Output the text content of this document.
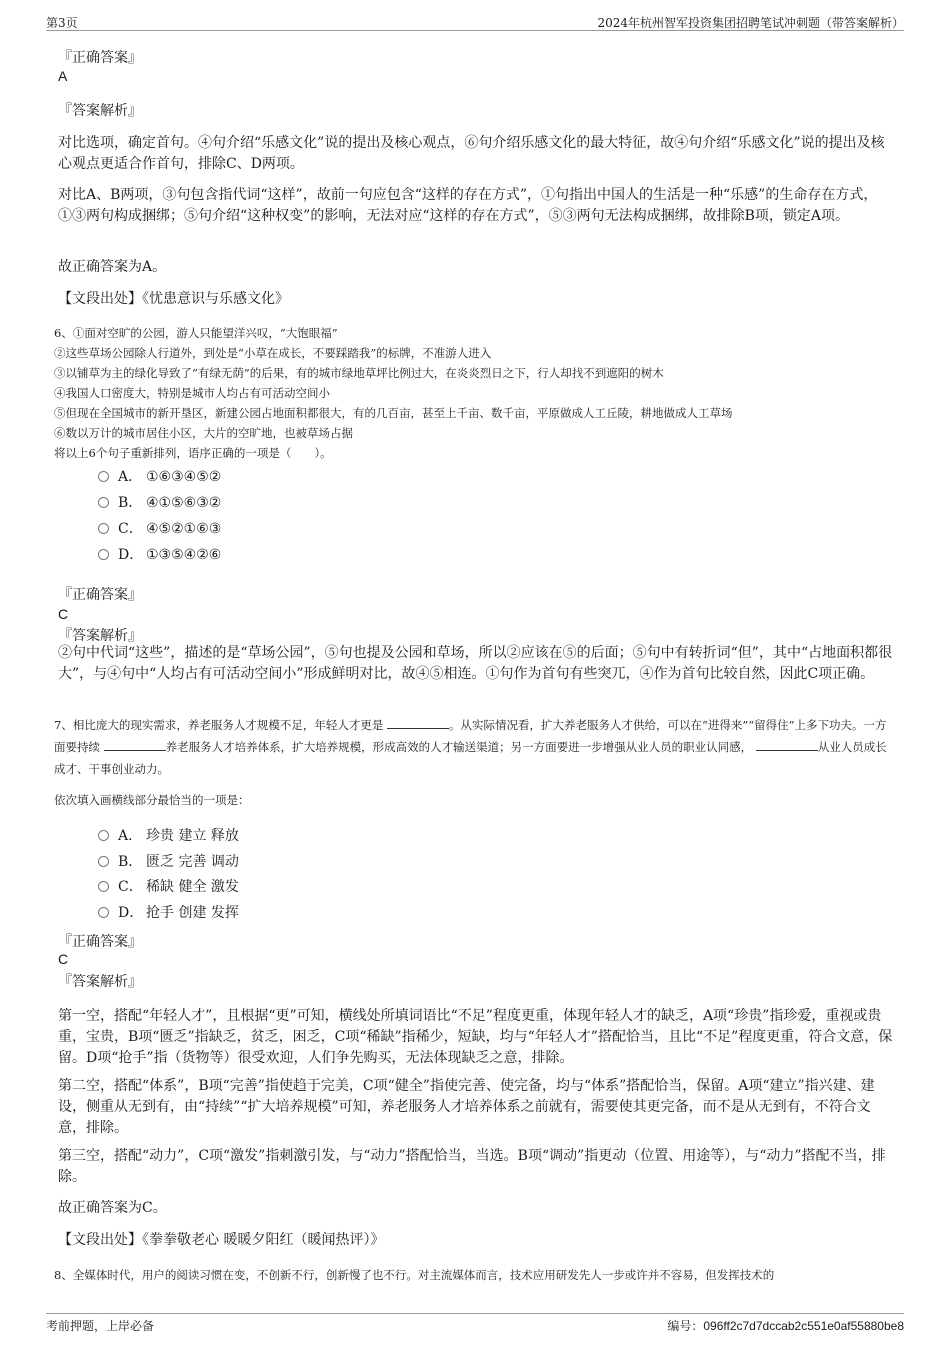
第3页	2024年杭州智军投资集团招聘笔试冲刺题（带答案解析）
『正确答案』
A
『答案解析』
对比选项，确定首句。④句介绍“乐感文化”说的提出及核心观点，⑥句介绍乐感文化的最大特征，故④句介绍“乐感文化”说的提出及核心观点更适合作首句，排除C、D两项。
对比A、B两项，③句包含指代词“这样”，故前一句应包含“这样的存在方式”，①句指出中国人的生活是一种“乐感”的生命存在方式，①③两句构成捆绑；⑤句介绍“这种权变”的影响，无法对应“这样的存在方式”，⑤③两句无法构成捆绑，故排除B项，锁定A项。
故正确答案为A。
【文段出处】《忧患意识与乐感文化》
6、①面对空旷的公园，游人只能望洋兴叹，“大饱眼福”
②这些草场公园除人行道外，到处是“小草在成长，不要踩踏我”的标牌，不准游人进入
③以铺草为主的绿化导致了“有绿无荫”的后果，有的城市绿地草坪比例过大，在炎炎烈日之下，行人却找不到遮阳的树木
④我国人口密度大，特别是城市人均占有可活动空间小
⑤但现在全国城市的新开垦区，新建公园占地面积都很大，有的几百亩，甚至上千亩、数千亩，平原做成人工丘陵，耕地做成人工草场
⑥数以万计的城市居住小区，大片的空旷地，也被草场占据
将以上6个句子重新排列，语序正确的一项是（　　）。
A． ①⑥③④⑤②
B． ④①⑤⑥③②
C． ④⑤②①⑥③
D． ①③⑤④②⑥
『正确答案』
C
『答案解析』
②句中代词“这些”，描述的是“草场公园”，⑤句也提及公园和草场，所以②应该在⑤的后面；⑤句中有转折词“但”，其中“占地面积都很大”，与④句中“人均占有可活动空间小”形成鲜明对比，故④⑤相连。①句作为首句有些突兀，④作为首句比较自然，因此C项正确。
7、相比庞大的现实需求，养老服务人才规模不足，年轻人才更是	。从实际情况看，扩大养老服务人才供给，可以在“进得来”“留得住”上多下功夫。一方面要持续	养老服务人才培养体系，扩大培养规模，形成高效的人才输送渠道；另一方面要进一步增强从业人员的职业认同感，	从业人员成长成才、干事创业动力。
依次填入画横线部分最恰当的一项是：
A． 珍贵 建立 释放
B． 匮乏 完善 调动
C． 稀缺 健全 激发
D． 抢手 创建 发挥
『正确答案』
C
『答案解析』
第一空，搭配“年轻人才”，且根据“更”可知，横线处所填词语比“不足”程度更重，体现年轻人才的缺乏，A项“珍贵”指珍爱，重视或贵重，宝贵，B项“匮乏”指缺乏，贫乏，困乏，C项“稀缺”指稀少，短缺，均与“年轻人才”搭配恰当，且比“不足”程度更重，符合文意，保留。D项“抢手”指（货物等）很受欢迎，人们争先购买，无法体现缺乏之意，排除。
第二空，搭配“体系”，B项“完善”指使趋于完美，C项“健全”指使完善、使完备，均与“体系”搭配恰当，保留。A项“建立”指兴建、建设，侧重从无到有，由“持续”“扩大培养规模”可知，养老服务人才培养体系之前就有，需要使其更完备，而不是从无到有，不符合文意，排除。
第三空，搭配“动力”，C项“激发”指刺激引发，与“动力”搭配恰当，当选。B项“调动”指更动（位置、用途等），与“动力”搭配不当，排除。
故正确答案为C。
【文段出处】《拳拳敬老心 暖暖夕阳红（暖闻热评）》
8、全媒体时代，用户的阅读习惯在变，不创新不行，创新慢了也不行。对主流媒体而言，技术应用研发先人一步或许并不容易，但发挥技术的
考前押题，上岸必备	编号：096ff2c7d7dccab2c551e0af55880be8
